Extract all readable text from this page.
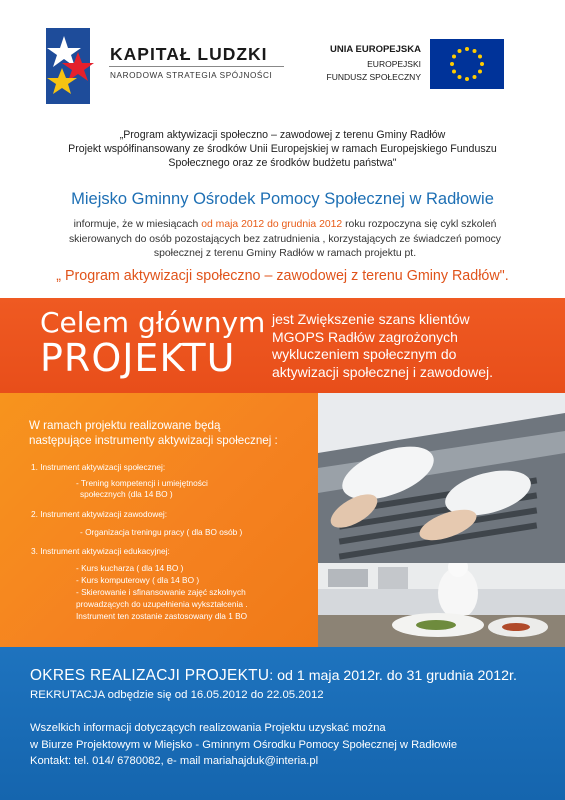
KAPITAŁ LUDZKI
NARODOWA STRATEGIA SPÓJNOŚCI
UNIA EUROPEJSKA
EUROPEJSKI
FUNDUSZ SPOŁECZNY
„Program aktywizacji społeczno – zawodowej z terenu Gminy Radłów
Projekt współfinansowany ze środków Unii Europejskiej w ramach Europejskiego Funduszu
Społecznego oraz ze środków budżetu państwa"
Miejsko Gminny Ośrodek Pomocy Społecznej w Radłowie
informuje, że w miesiącach od maja 2012 do grudnia 2012 roku rozpoczyna się cykl szkoleń
skierowanych do osób pozostających bez zatrudnienia , korzystających ze świadczeń pomocy
społecznej z terenu Gminy Radłów w ramach projektu pt.
„ Program aktywizacji społeczno – zawodowej z terenu Gminy Radłów".
Celem głównym
PROJEKTU
jest Zwiększenie szans klientów
MGOPS Radłów zagrożonych
wykluczeniem społecznym do
aktywizacji społecznej i zawodowej.
W ramach projektu realizowane będą
następujące instrumenty aktywizacji społecznej :
1. Instrument aktywizacji społecznej:
- Trening kompetencji i umiejętności
społecznych (dla 14 BO )
2. Instrument aktywizacji zawodowej:
- Organizacja treningu pracy ( dla BO osób )
3. Instrument aktywizacji edukacyjnej:
- Kurs kucharza ( dla 14 BO )
- Kurs komputerowy ( dla 14 BO )
- Skierowanie i sfinansowanie zajęć szkolnych
prowadzących do uzupełnienia wykształcenia .
Instrument ten zostanie zastosowany dla 1 BO
OKRES REALIZACJI PROJEKTU: od 1 maja 2012r. do 31 grudnia 2012r.
REKRUTACJA odbędzie się od 16.05.2012 do 22.05.2012
Wszelkich informacji dotyczących realizowania Projektu uzyskać można
w Biurze Projektowym w Miejsko - Gminnym Ośrodku Pomocy Społecznej w Radłowie
Kontakt: tel. 014/ 6780082, e- mail mariahajduk@interia.pl
